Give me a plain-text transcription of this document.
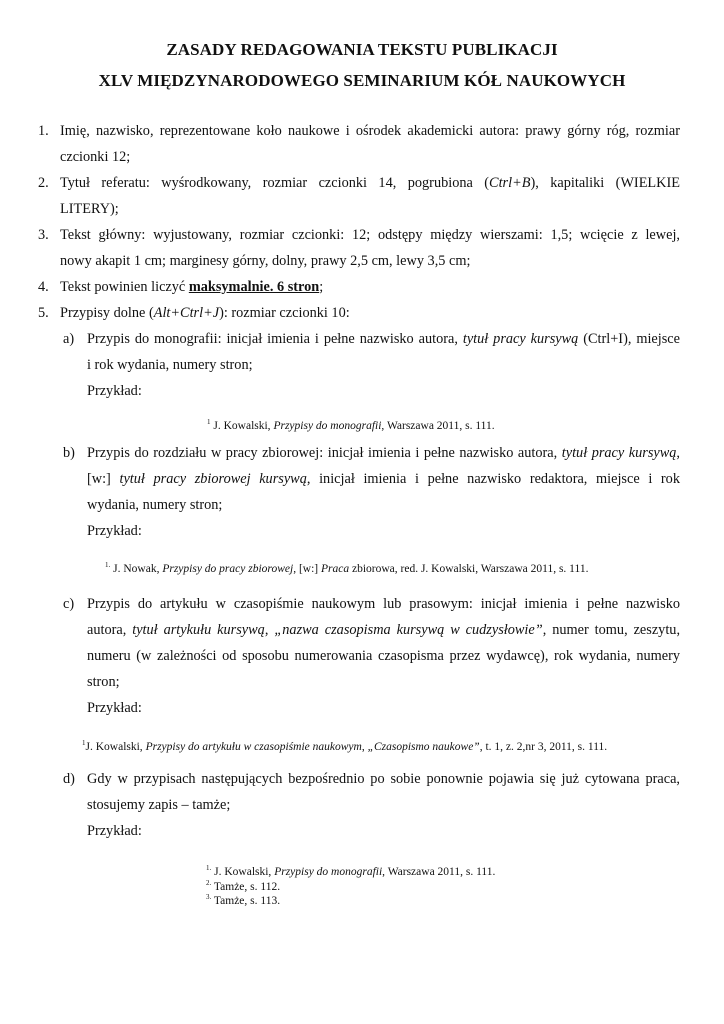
ZASADY REDAGOWANIA TEKSTU PUBLIKACJI
XLV MIĘDZYNARODOWEGO SEMINARIUM KÓŁ NAUKOWYCH
1. Imię, nazwisko, reprezentowane koło naukowe i ośrodek akademicki autora: prawy górny róg, rozmiar
czcionki 12;
2. Tytuł referatu: wyśrodkowany, rozmiar czcionki 14, pogrubiona (Ctrl+B), kapitaliki (WIELKIE
LITERY);
3. Tekst główny: wyjustowany, rozmiar czcionki: 12; odstępy między wierszami: 1,5; wcięcie z lewej,
nowy akapit 1 cm; marginesy górny, dolny, prawy 2,5 cm, lewy 3,5 cm;
4. Tekst powinien liczyć maksymalnie. 6 stron;
5. Przypisy dolne (Alt+Ctrl+J): rozmiar czcionki 10:
a) Przypis do monografii: inicjał imienia i pełne nazwisko autora, tytuł pracy kursywą (Ctrl+I), miejsce
i rok wydania, numery stron;
Przykład:
$^1$ J. Kowalski, Przypisy do monografii, Warszawa 2011, s. 111.
b) Przypis do rozdziału w pracy zbiorowej: inicjał imienia i pełne nazwisko autora, tytuł pracy kursywą,
[w:] tytuł pracy zbiorowej kursywą, inicjał imienia i pełne nazwisko redaktora, miejsce i rok
wydania, numery stron;
Przykład:
$^{1.}$ J. Nowak, Przypisy do pracy zbiorowej, [w:] Praca zbiorowa, red. J. Kowalski, Warszawa 2011, s. 111.
c) Przypis do artykułu w czasopiśmie naukowym lub prasowym: inicjał imienia i pełne nazwisko
autora, tytuł artykułu kursywą, „nazwa czasopisma kursywą w cudzysłowie”, numer tomu, zeszytu,
numeru (w zależności od sposobu numerowania czasopisma przez wydawcę), rok wydania, numery
stron;
Przykład:
$^1$J. Kowalski, Przypisy do artykułu w czasopiśmie naukowym, „Czasopismo naukowe”, t. 1, z. 2,nr 3, 2011, s. 111.
d) Gdy w przypisach następujących bezpośrednio po sobie ponownie pojawia się już cytowana praca,
stosujemy zapis – tamże;
Przykład:
$^{1.}$ J. Kowalski, Przypisy do monografii, Warszawa 2011, s. 111.
$^{2.}$ Tamże, s. 112.
$^{3.}$ Tamże, s. 113.
